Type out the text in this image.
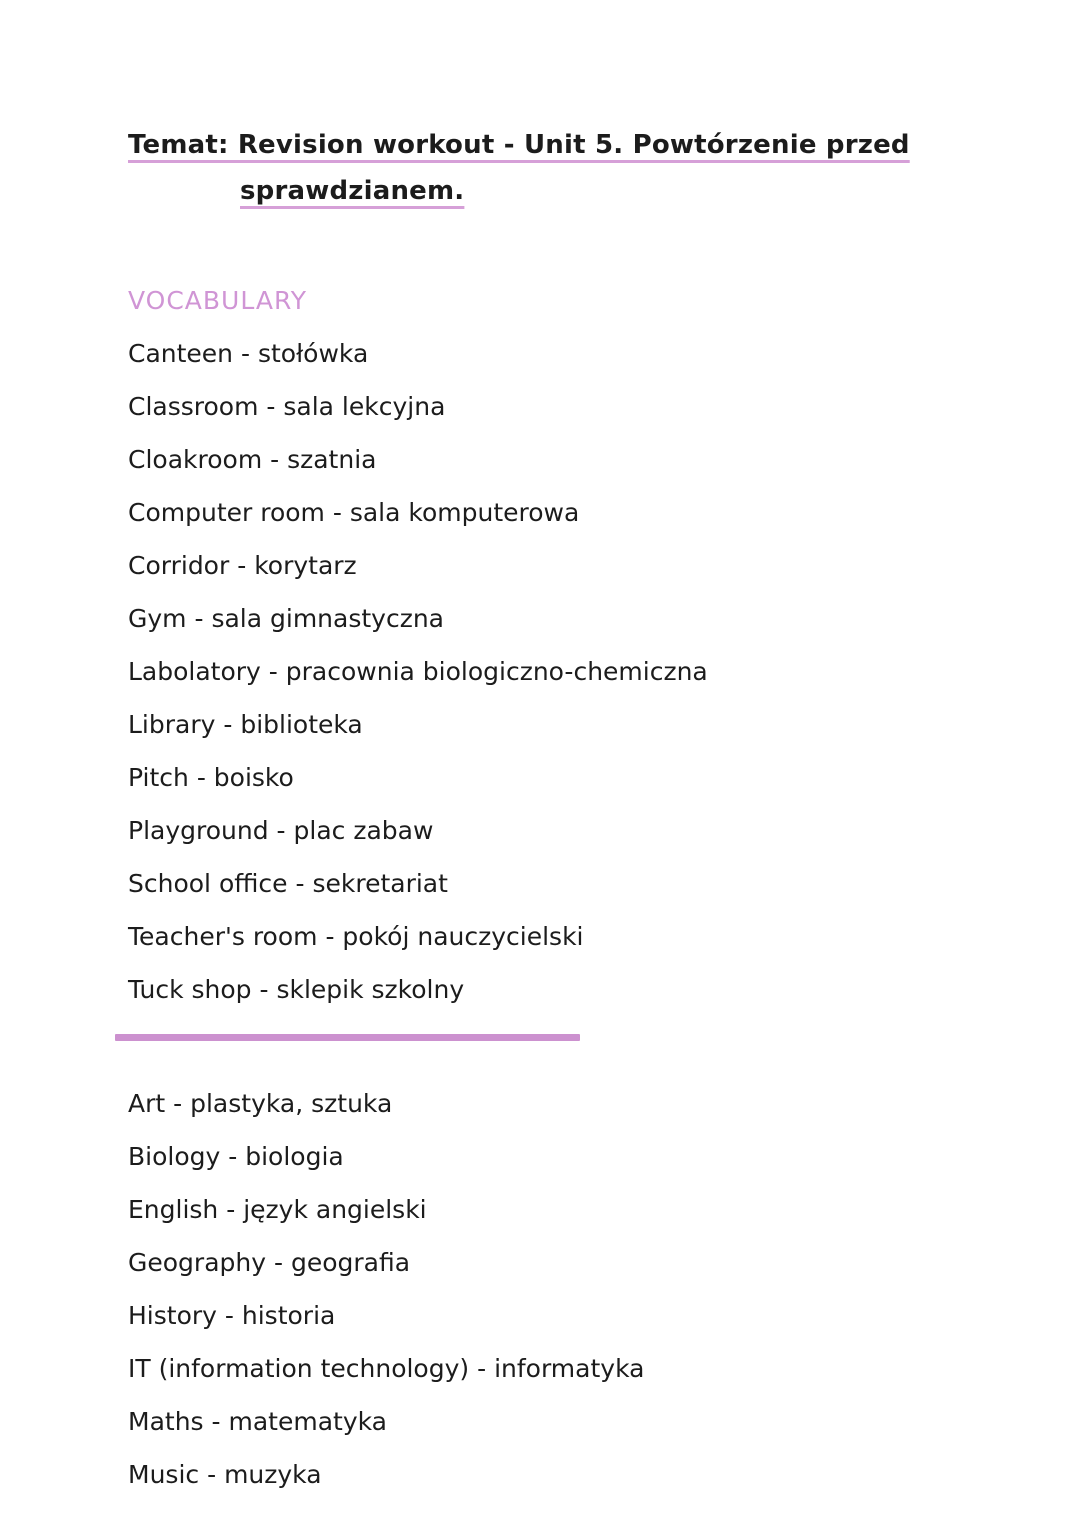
Temat: Revision workout - Unit 5. Powtórzenie przed
sprawdzianem.
VOCABULARY
Canteen - stołówka
Classroom - sala lekcyjna
Cloakroom - szatnia
Computer room - sala komputerowa
Corridor - korytarz
Gym - sala gimnastyczna
Labolatory - pracownia biologiczno-chemiczna
Library - biblioteka
Pitch - boisko
Playground - plac zabaw
School office - sekretariat
Teacher's room - pokój nauczycielski
Tuck shop - sklepik szkolny
Art - plastyka, sztuka
Biology - biologia
English - język angielski
Geography - geografia
History - historia
IT (information technology) - informatyka
Maths - matematyka
Music - muzyka
